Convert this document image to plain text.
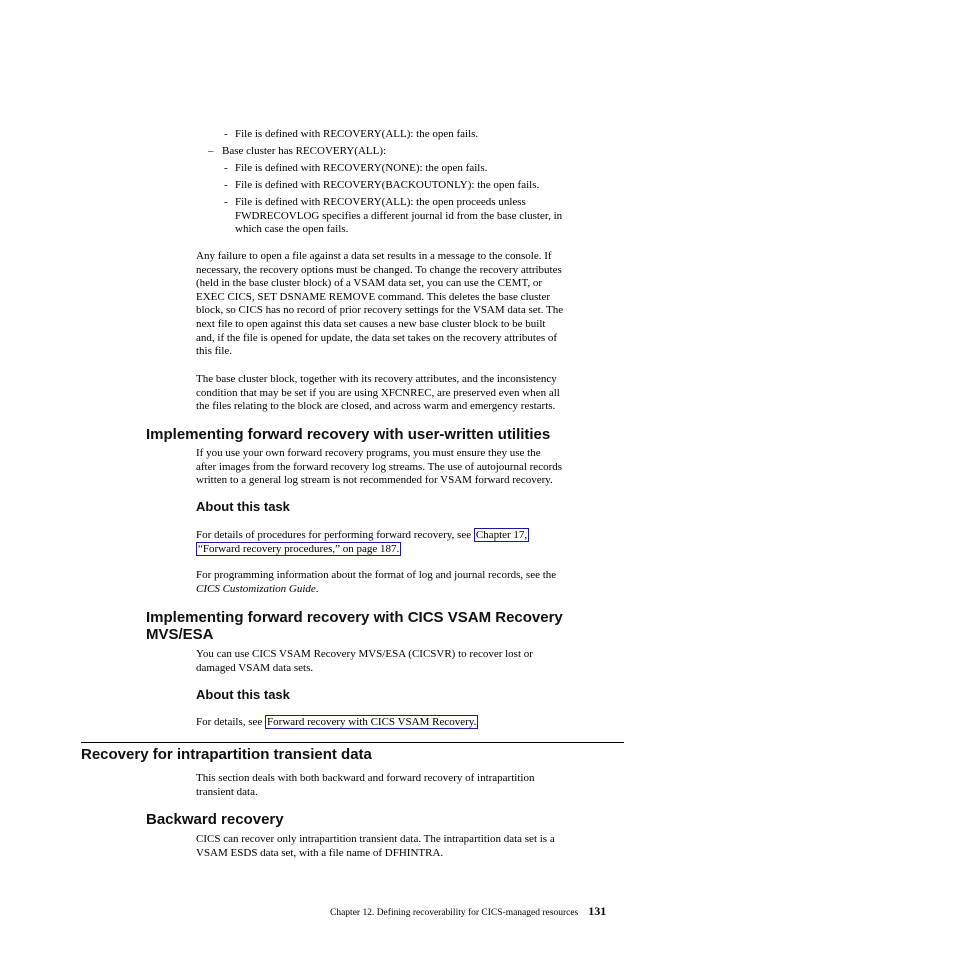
- File is defined with RECOVERY(ALL): the open fails.
– Base cluster has RECOVERY(ALL):
- File is defined with RECOVERY(NONE): the open fails.
- File is defined with RECOVERY(BACKOUTONLY): the open fails.
- File is defined with RECOVERY(ALL): the open proceeds unless
FWDRECOVLOG specifies a different journal id from the base cluster, in
which case the open fails.
Any failure to open a file against a data set results in a message to the console. If
necessary, the recovery options must be changed. To change the recovery attributes
(held in the base cluster block) of a VSAM data set, you can use the CEMT, or
EXEC CICS, SET DSNAME REMOVE command. This deletes the base cluster
block, so CICS has no record of prior recovery settings for the VSAM data set. The
next file to open against this data set causes a new base cluster block to be built
and, if the file is opened for update, the data set takes on the recovery attributes of
this file.
The base cluster block, together with its recovery attributes, and the inconsistency
condition that may be set if you are using XFCNREC, are preserved even when all
the files relating to the block are closed, and across warm and emergency restarts.
Implementing forward recovery with user-written utilities
If you use your own forward recovery programs, you must ensure they use the
after images from the forward recovery log streams. The use of autojournal records
written to a general log stream is not recommended for VSAM forward recovery.
About this task
For details of procedures for performing forward recovery, see Chapter 17,
“Forward recovery procedures,” on page 187.
For programming information about the format of log and journal records, see the
CICS Customization Guide.
Implementing forward recovery with CICS VSAM Recovery
MVS/ESA
You can use CICS VSAM Recovery MVS/ESA (CICSVR) to recover lost or
damaged VSAM data sets.
About this task
For details, see Forward recovery with CICS VSAM Recovery.
Recovery for intrapartition transient data
This section deals with both backward and forward recovery of intrapartition
transient data.
Backward recovery
CICS can recover only intrapartition transient data. The intrapartition data set is a
VSAM ESDS data set, with a file name of DFHINTRA.
Chapter 12. Defining recoverability for CICS-managed resources 131
